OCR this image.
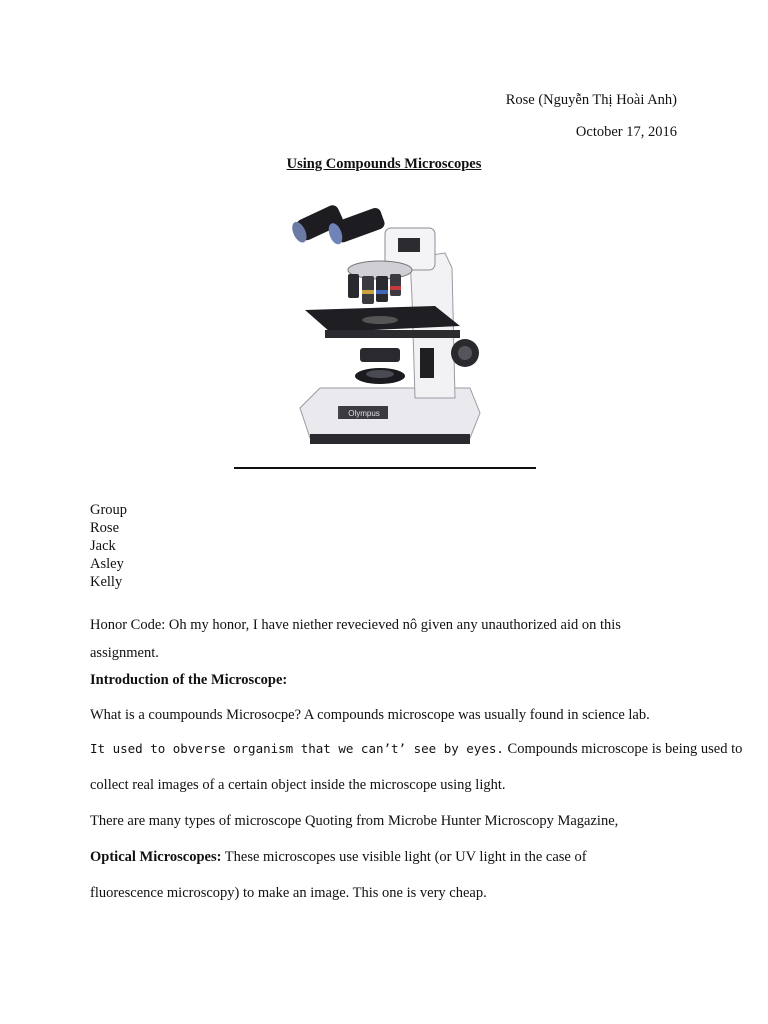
Rose (Nguyễn Thị Hoài Anh)
October 17, 2016
Using Compounds Microscopes
Olympus
Group
Rose
Jack
Asley
Kelly
Honor Code: Oh my honor, I have niether revecieved nô given any unauthorized aid on this
assignment.
Introduction of the Microscope:
What is a coumpounds Microsocpe? A compounds microscope was usually found in science lab.
It used to obverse organism that we can’t’ see by eyes. Compounds microscope is being used to
collect real images of a certain object inside the microscope using light.
There are many types of microscope Quoting from Microbe Hunter Microscopy Magazine,
Optical Microscopes: These microscopes use visible light (or UV light in the case of
fluorescence microscopy) to make an image. This one is very cheap.
